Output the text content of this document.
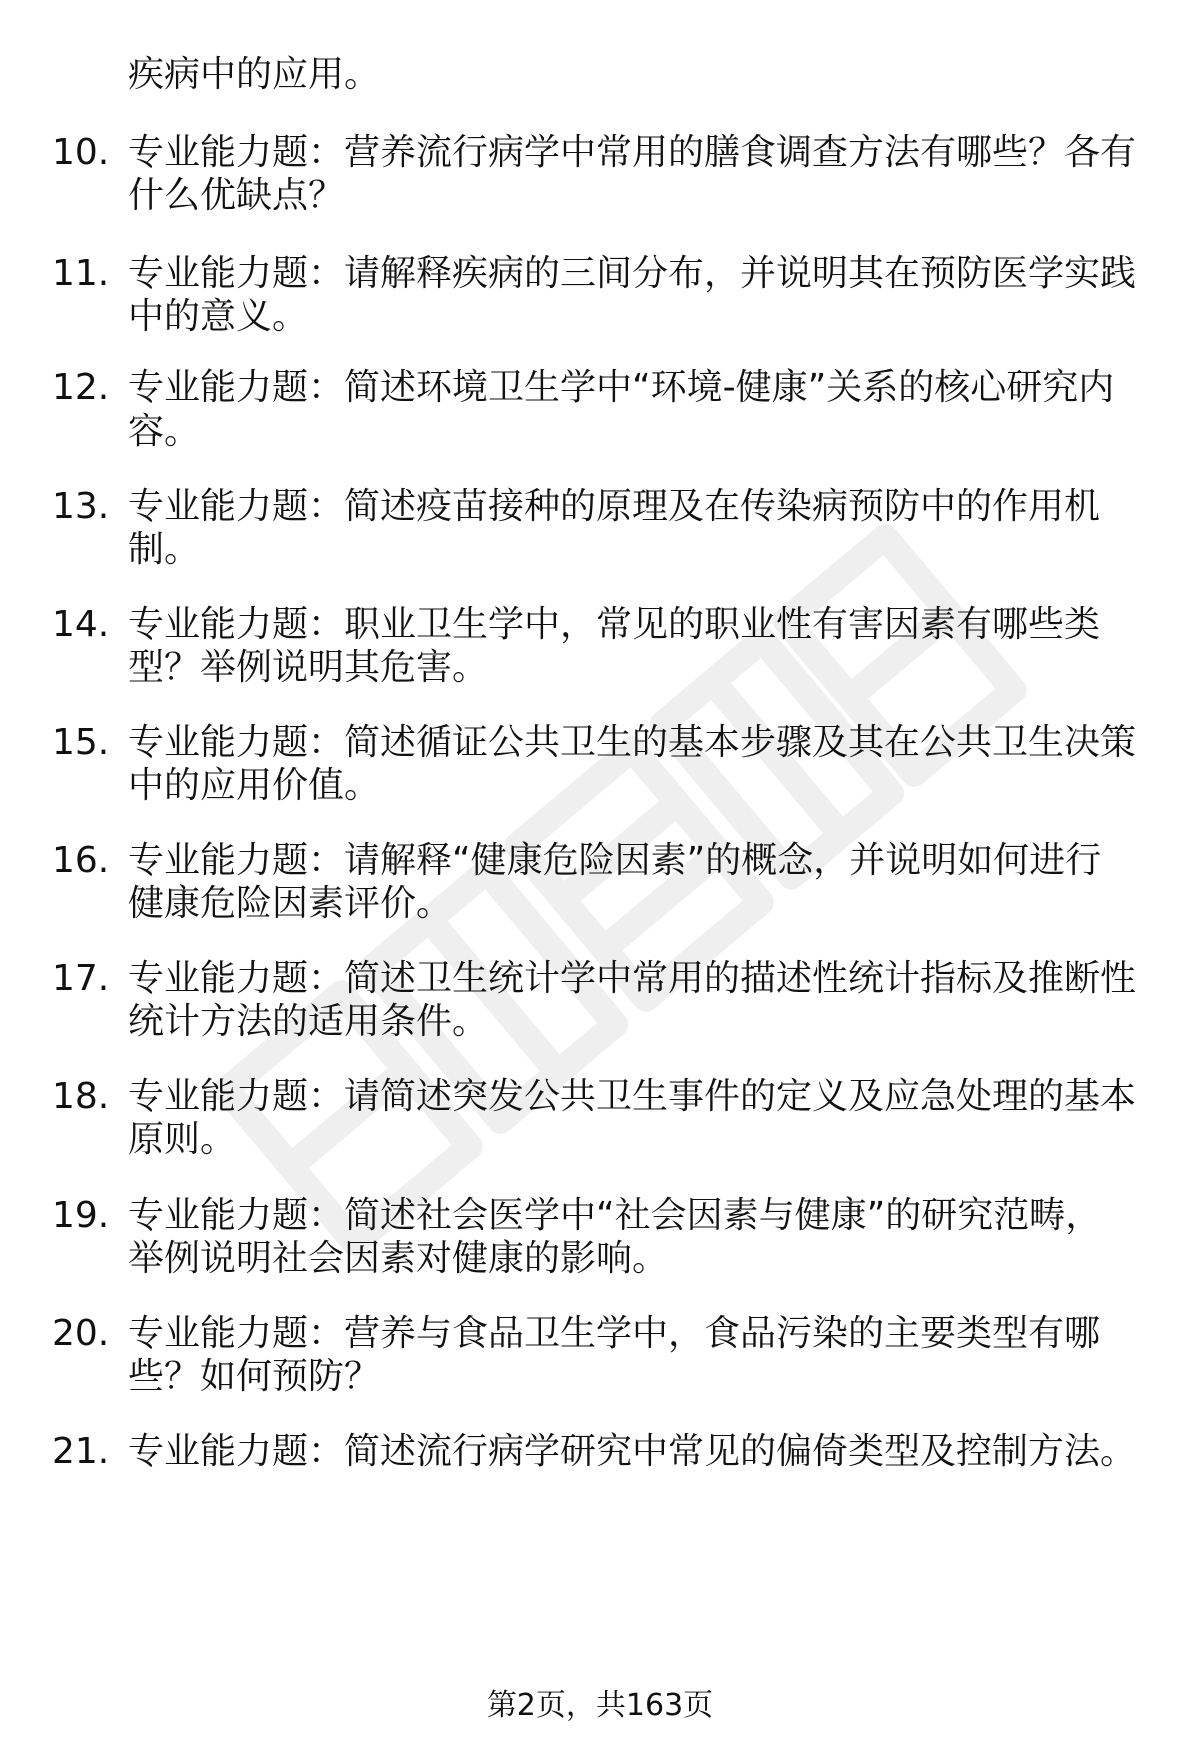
疾病中的应用。
10. 专业能力题：营养流行病学中常用的膳食调查方法有哪些？各有
什么优缺点？
11. 专业能力题：请解释疾病的三间分布，并说明其在预防医学实践
中的意义。
12. 专业能力题：简述环境卫生学中“环境-健康”关系的核心研究内
容。
13. 专业能力题：简述疫苗接种的原理及在传染病预防中的作用机
制。
14. 专业能力题：职业卫生学中，常见的职业性有害因素有哪些类
型？举例说明其危害。
15. 专业能力题：简述循证公共卫生的基本步骤及其在公共卫生决策
中的应用价值。
16. 专业能力题：请解释“健康危险因素”的概念，并说明如何进行
健康危险因素评价。
17. 专业能力题：简述卫生统计学中常用的描述性统计指标及推断性
统计方法的适用条件。
18. 专业能力题：请简述突发公共卫生事件的定义及应急处理的基本
原则。
19. 专业能力题：简述社会医学中“社会因素与健康”的研究范畴，
举例说明社会因素对健康的影响。
20. 专业能力题：营养与食品卫生学中，食品污染的主要类型有哪
些？如何预防？
21. 专业能力题：简述流行病学研究中常见的偏倚类型及控制方法。
第2页，共163页
